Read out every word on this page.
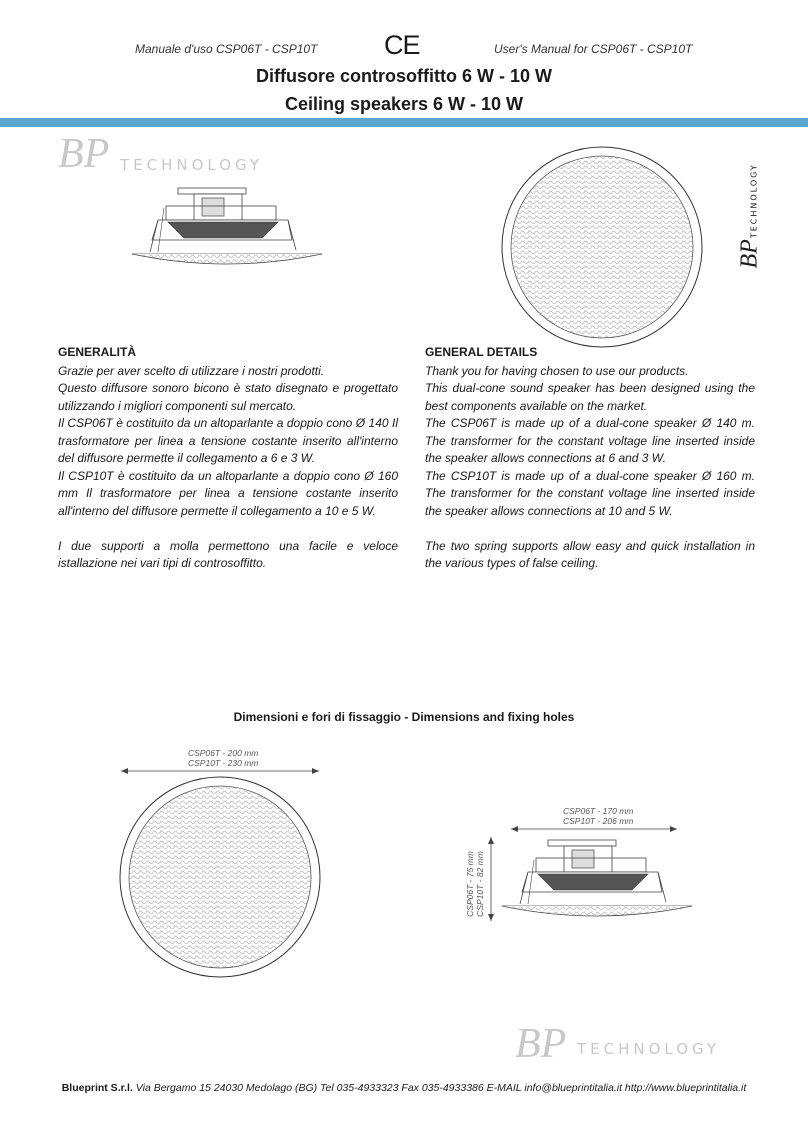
Manuale d'uso CSP06T - CSP10T CE	User's Manual for CSP06T - CSP10T
Diffusore controsoffitto 6 W - 10 W
Ceiling speakers 6 W - 10 W
BP TECHNOLOGY
BPTECHNOLOGY
GENERALITÀ

Grazie per aver scelto di utilizzare i nostri prodotti.

Questo diffusore sonoro bicono è stato disegnato e progettato utilizzando i migliori componenti sul mercato.

Il CSP06T è costituito da un altoparlante a doppio cono Ø 140 Il trasformatore per linea a tensione costante inserito all'interno del diffusore permette il collegamento a 6 e 3 W.

Il CSP10T è costituito da un altoparlante a doppio cono Ø 160 mm Il trasformatore per linea a tensione costante inserito all'interno del diffusore permette il collegamento a 10 e 5 W.

I due supporti a molla permettono una facile e veloce istallazione nei vari tipi di controsoffitto.

GENERAL DETAILS

Thank you for having chosen to use our products.

This dual-cone sound speaker has been designed using the best components available on the market.

The CSP06T is made up of a dual-cone speaker Ø 140 m. The transformer for the constant voltage line inserted inside the speaker allows connections at 6 and 3 W.

The CSP10T is made up of a dual-cone speaker Ø 160 m. The transformer for the constant voltage line inserted inside the speaker allows connections at 10 and 5 W.

The two spring supports allow easy and quick installation in the various types of false ceiling.

Dimensioni e fori di fissaggio - Dimensions and fixing holes
CSP06T - 200 mm
CSP10T - 230 mm
CSP06T - 170 mm
CSP10T - 206 mm
CSP06T - 75 mm CSP10T - 82 mm
BP TECHNOLOGY
Blueprint S.r.l. Via Bergamo 15 24030 Medolago (BG) Tel 035-4933323 Fax 035-4933386 E-MAIL info@blueprintitalia.it http://www.blueprintitalia.it
